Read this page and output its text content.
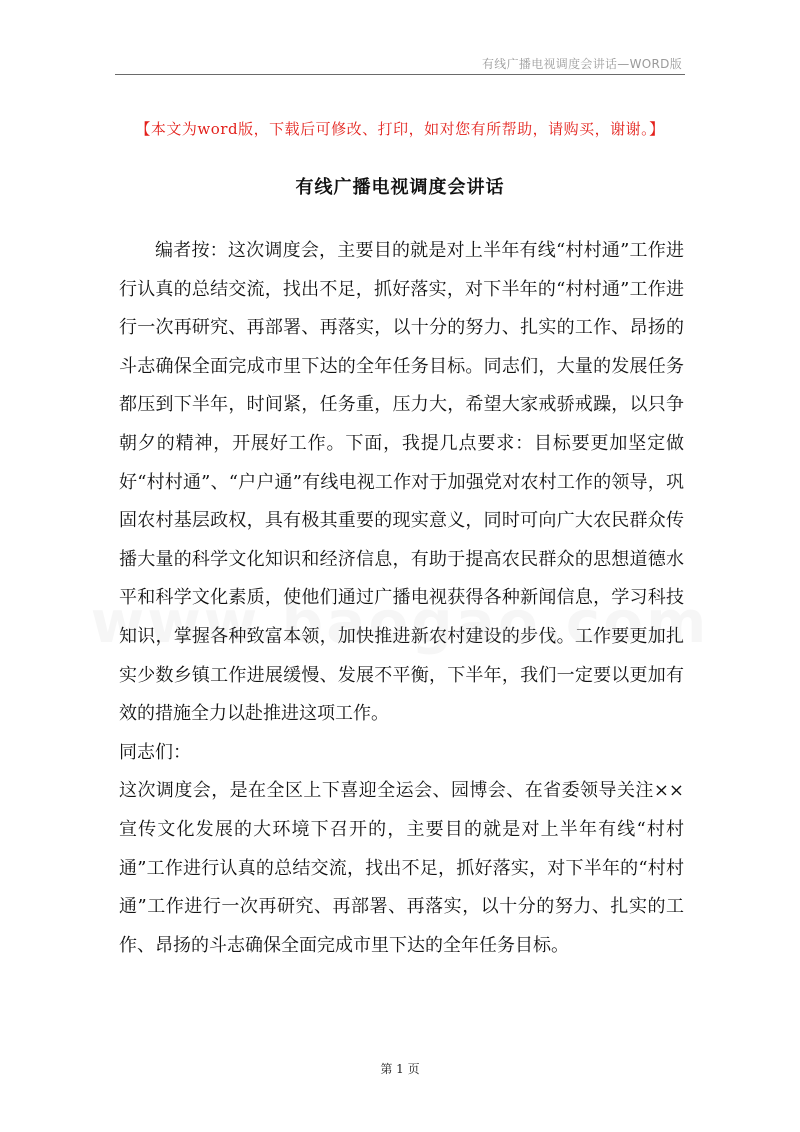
有线广播电视调度会讲话—WORD版
【本文为word版，下载后可修改、打印，如对您有所帮助，请购买，谢谢。】
有线广播电视调度会讲话

编者按：这次调度会，主要目的就是对上半年有线“村村通”工作进行认真的总结交流，找出不足，抓好落实，对下半年的“村村通”工作进行一次再研究、再部署、再落实，以十分的努力、扎实的工作、昂扬的斗志确保全面完成市里下达的全年任务目标。同志们，大量的发展任务都压到下半年，时间紧，任务重，压力大，希望大家戒骄戒躁，以只争朝夕的精神，开展好工作。下面，我提几点要求：目标要更加坚定做好“村村通”、“户户通”有线电视工作对于加强党对农村工作的领导，巩固农村基层政权，具有极其重要的现实意义，同时可向广大农民群众传播大量的科学文化知识和经济信息，有助于提高农民群众的思想道德水平和科学文化素质，使他们通过广播电视获得各种新闻信息，学习科技知识，掌握各种致富本领，加快推进新农村建设的步伐。工作要更加扎实少数乡镇工作进展缓慢、发展不平衡，下半年，我们一定要以更加有效的措施全力以赴推进这项工作。

同志们：

这次调度会，是在全区上下喜迎全运会、园博会、在省委领导关注××宣传文化发展的大环境下召开的，主要目的就是对上半年有线“村村通”工作进行认真的总结交流，找出不足，抓好落实，对下半年的“村村通”工作进行一次再研究、再部署、再落实，以十分的努力、扎实的工作、昂扬的斗志确保全面完成市里下达的全年任务目标。

第 1 页
